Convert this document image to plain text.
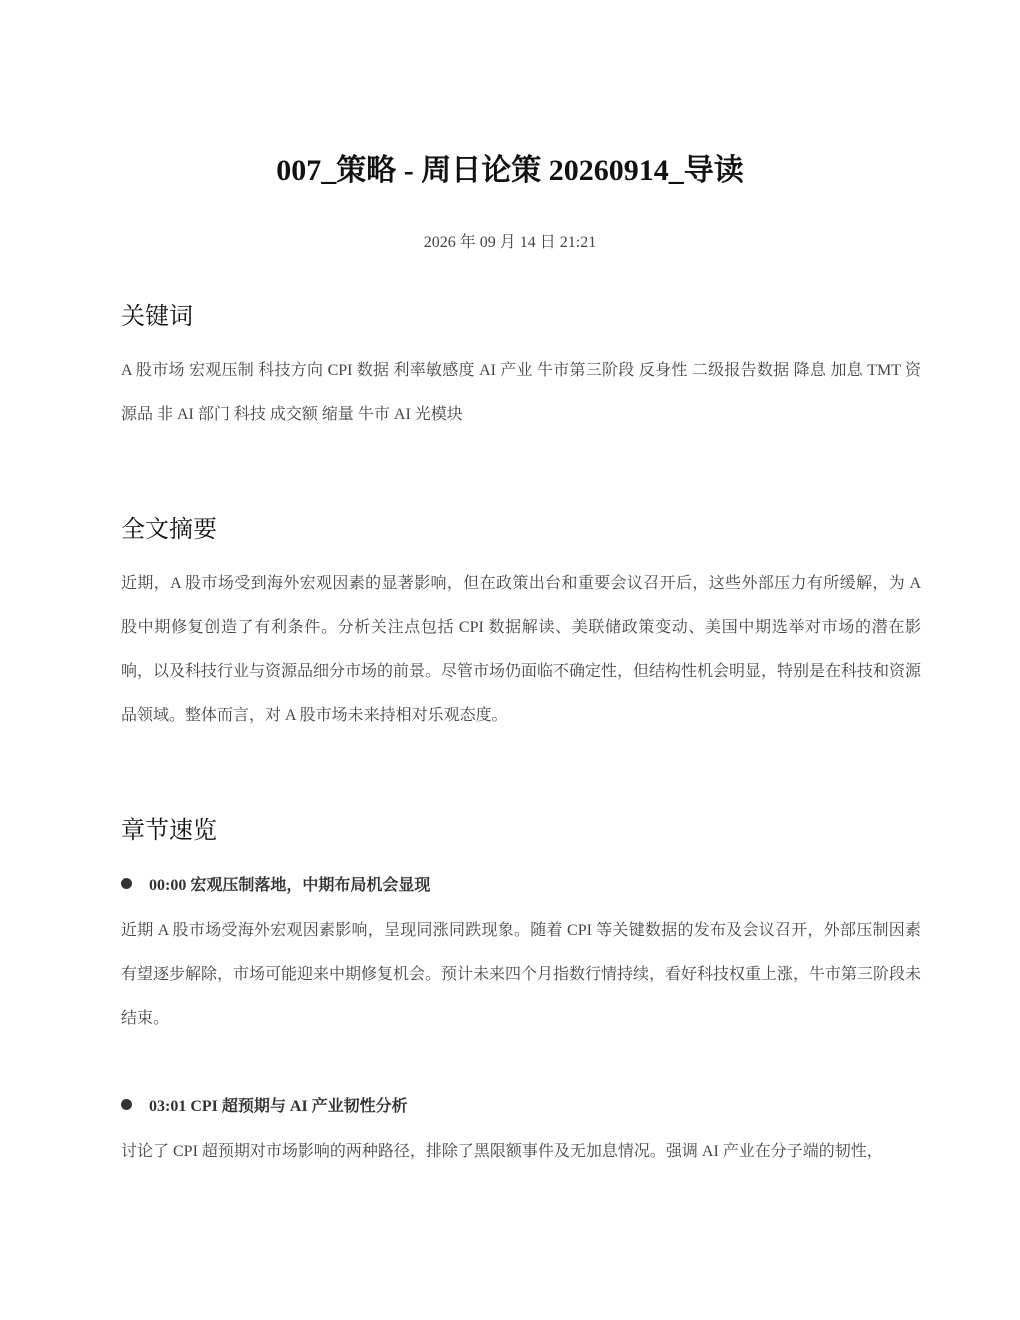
007_策略 - 周日论策 20260914_导读
2026 年 09 月 14 日 21:21
关键词

A 股市场 宏观压制 科技方向 CPI 数据 利率敏感度 AI 产业 牛市第三阶段 反身性 二级报告数据 降息 加息 TMT 资源品 非 AI 部门 科技 成交额 缩量 牛市 AI 光模块

全文摘要

近期，A 股市场受到海外宏观因素的显著影响，但在政策出台和重要会议召开后，这些外部压力有所缓解，为 A 股中期修复创造了有利条件。分析关注点包括 CPI 数据解读、美联储政策变动、美国中期选举对市场的潜在影响，以及科技行业与资源品细分市场的前景。尽管市场仍面临不确定性，但结构性机会明显，特别是在科技和资源品领域。整体而言，对 A 股市场未来持相对乐观态度。

章节速览
00:00 宏观压制落地，中期布局机会显现

近期 A 股市场受海外宏观因素影响，呈现同涨同跌现象。随着 CPI 等关键数据的发布及会议召开，外部压制因素有望逐步解除，市场可能迎来中期修复机会。预计未来四个月指数行情持续，看好科技权重上涨，牛市第三阶段未结束。

03:01 CPI 超预期与 AI 产业韧性分析

讨论了 CPI 超预期对市场影响的两种路径，排除了黑限额事件及无加息情况。强调 AI 产业在分子端的韧性，
